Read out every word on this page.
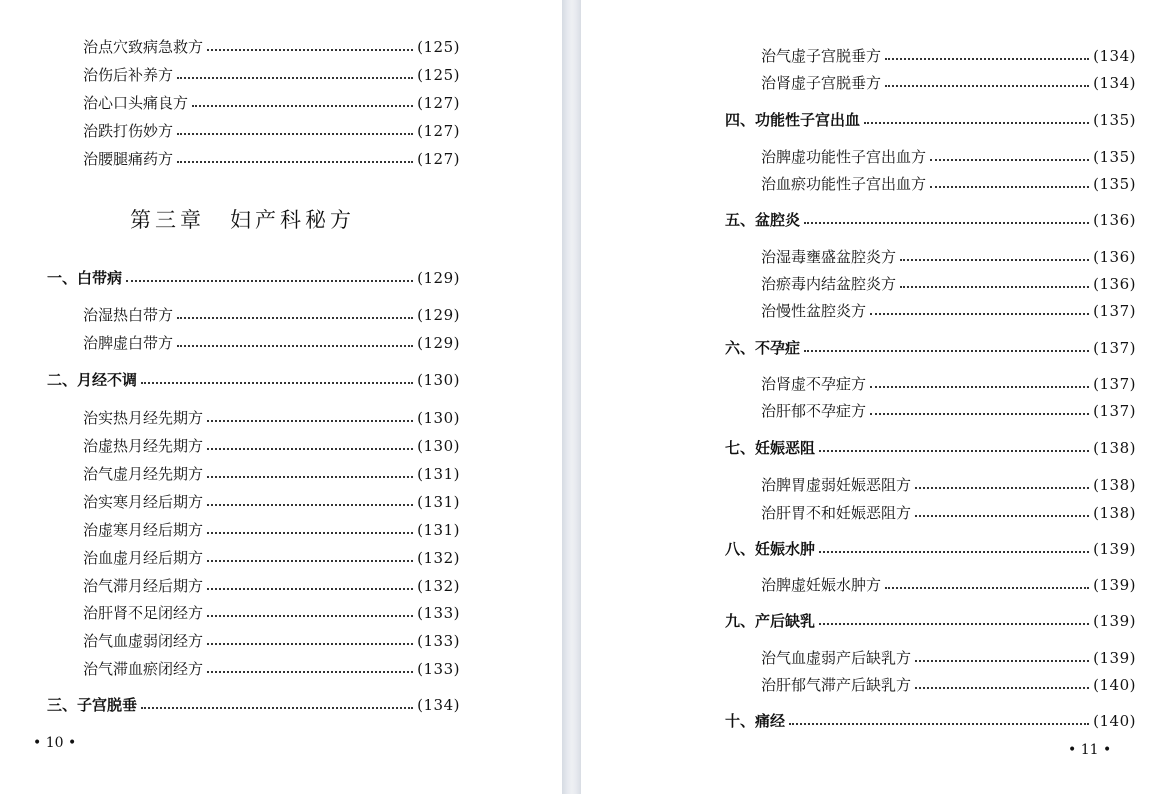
治点穴致病急救方	(125)
治伤后补养方	(125)
治心口头痛良方	(127)
治跌打伤妙方	(127)
治腰腿痛药方	(127)
一、白带病	(129)
治湿热白带方	(129)
治脾虚白带方	(129)
二、月经不调	(130)
治实热月经先期方	(130)
治虚热月经先期方	(130)
治气虚月经先期方	(131)
治实寒月经后期方	(131)
治虚寒月经后期方	(131)
治血虚月经后期方	(132)
治气滞月经后期方	(132)
治肝肾不足闭经方	(133)
治气血虚弱闭经方	(133)
治气滞血瘀闭经方	(133)
三、子宫脱垂	(134)
第三章　妇产科秘方
• 10 •
治气虚子宫脱垂方	(134)
治肾虚子宫脱垂方	(134)
四、功能性子宫出血	(135)
治脾虚功能性子宫出血方	(135)
治血瘀功能性子宫出血方	(135)
五、盆腔炎	(136)
治湿毒壅盛盆腔炎方	(136)
治瘀毒内结盆腔炎方	(136)
治慢性盆腔炎方	(137)
六、不孕症	(137)
治肾虚不孕症方	(137)
治肝郁不孕症方	(137)
七、妊娠恶阻	(138)
治脾胃虚弱妊娠恶阻方	(138)
治肝胃不和妊娠恶阻方	(138)
八、妊娠水肿	(139)
治脾虚妊娠水肿方	(139)
九、产后缺乳	(139)
治气血虚弱产后缺乳方	(139)
治肝郁气滞产后缺乳方	(140)
十、痛经	(140)
• 11 •
